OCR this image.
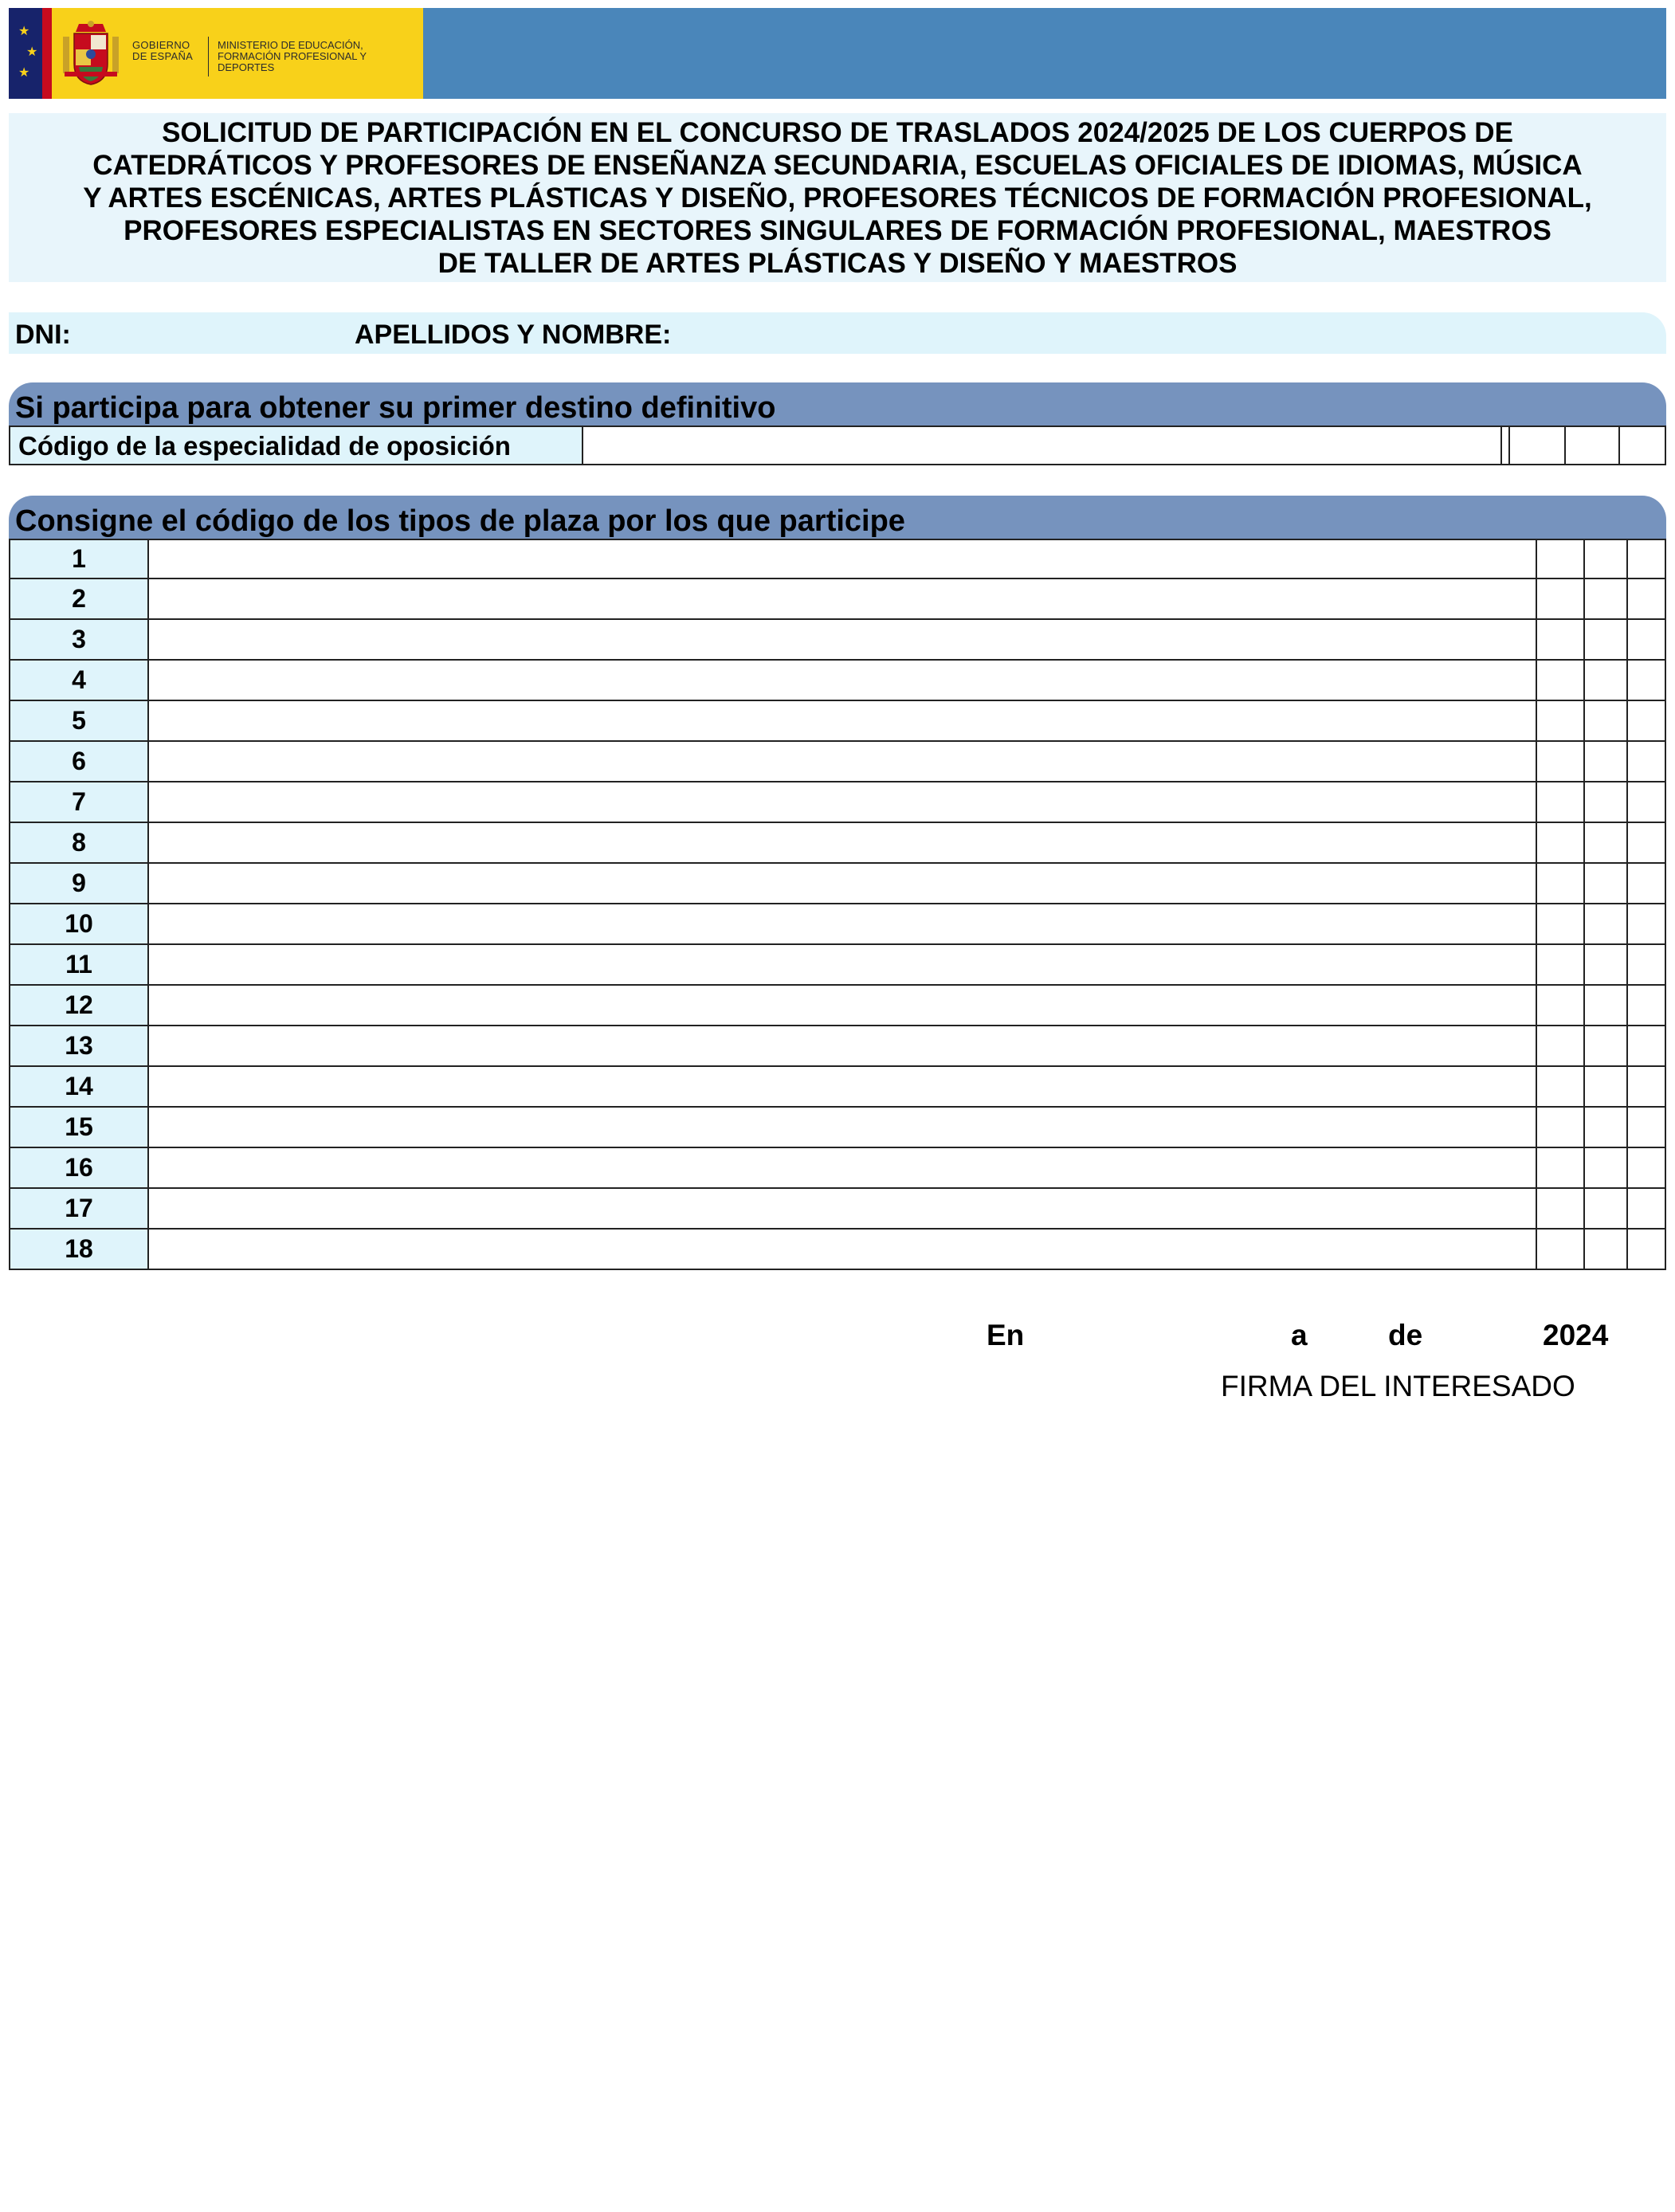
★
★
★
GOBIERNO DE ESPAÑA
MINISTERIO DE EDUCACIÓN, FORMACIÓN PROFESIONAL Y DEPORTES
SOLICITUD DE PARTICIPACIÓN EN EL CONCURSO DE TRASLADOS 2024/2025 DE LOS CUERPOS DE
CATEDRÁTICOS Y PROFESORES DE ENSEÑANZA SECUNDARIA, ESCUELAS OFICIALES DE IDIOMAS, MÚSICA
Y ARTES ESCÉNICAS, ARTES PLÁSTICAS Y DISEÑO, PROFESORES TÉCNICOS DE FORMACIÓN PROFESIONAL,
PROFESORES ESPECIALISTAS EN SECTORES SINGULARES DE FORMACIÓN PROFESIONAL, MAESTROS
DE TALLER DE ARTES PLÁSTICAS Y DISEÑO Y MAESTROS
DNI:	APELLIDOS Y NOMBRE:
Si participa para obtener su primer destino definitivo
Código de la especialidad de oposición
Consigne el código de los tipos de plaza por los que participe
1
2
3
4
5
6
7
8
9
10
11
12
13
14
15
16
17
18
En	a	de	2024
FIRMA DEL INTERESADO
